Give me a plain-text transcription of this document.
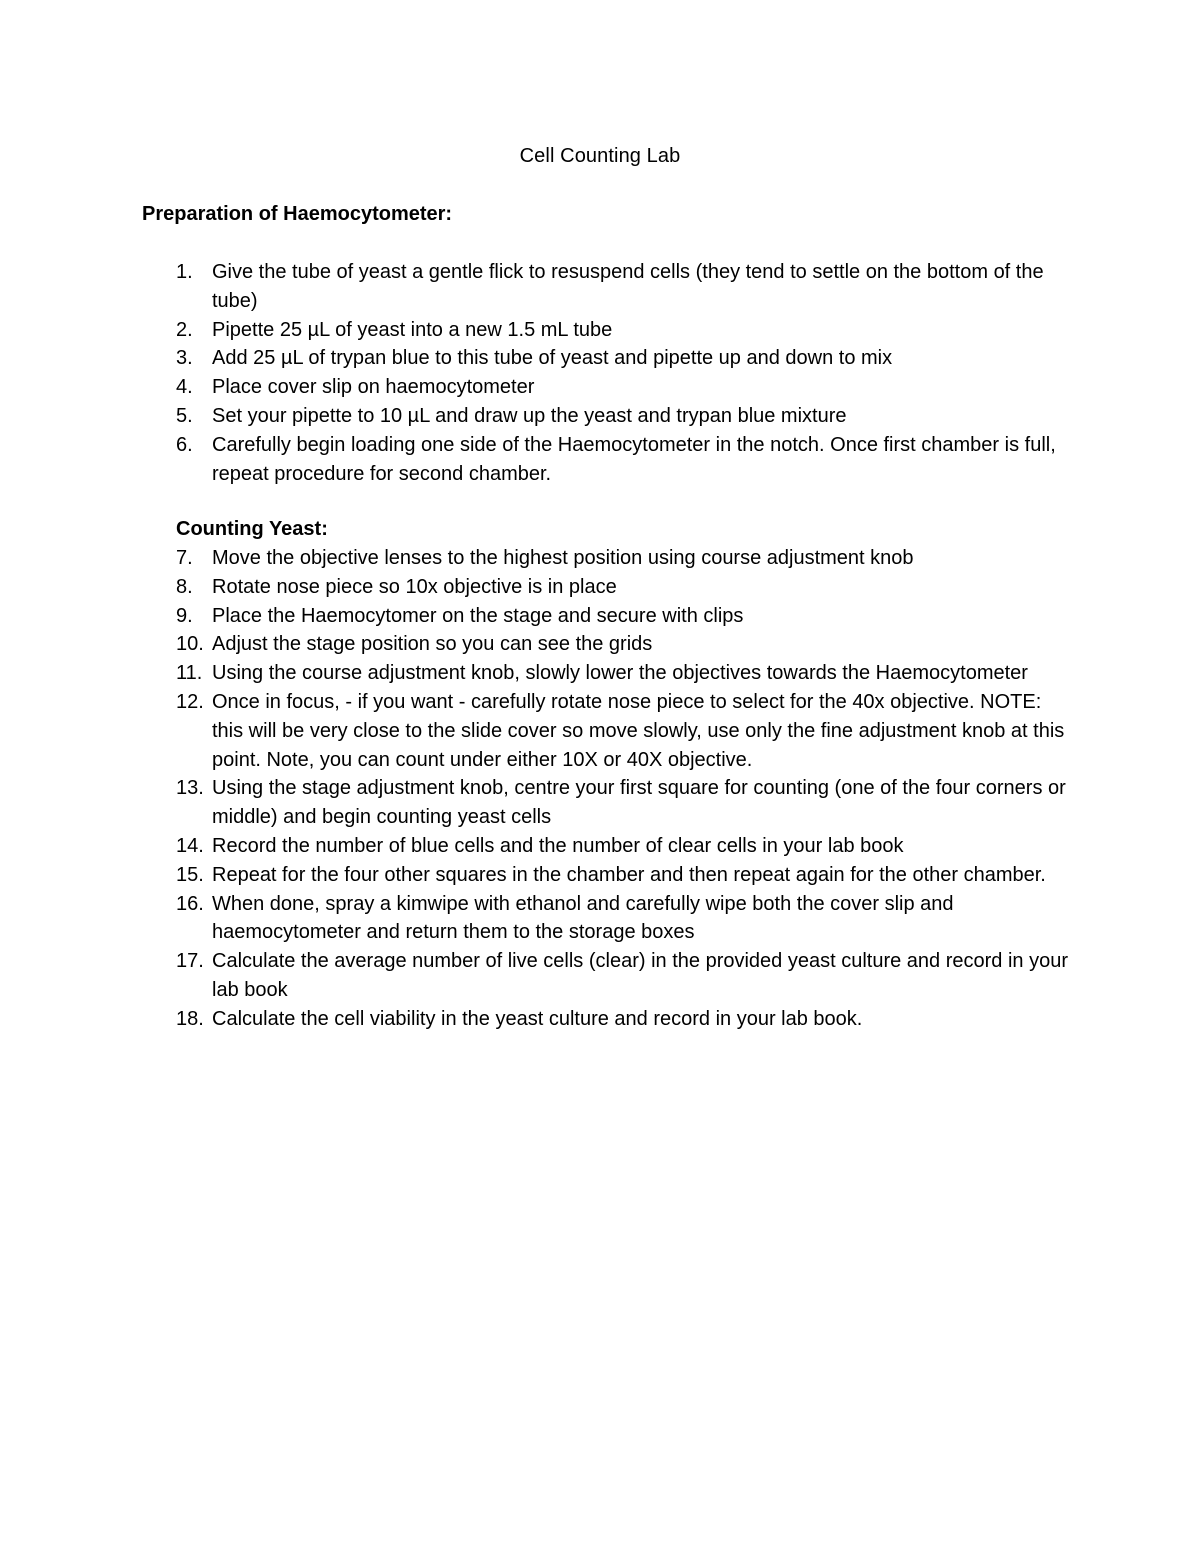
Cell Counting Lab
Preparation of Haemocytometer:
1. Give the tube of yeast a gentle flick to resuspend cells (they tend to settle on the bottom of the tube)
2. Pipette 25 µL of yeast into a new 1.5 mL tube
3. Add 25 µL of trypan blue to this tube of yeast and pipette up and down to mix
4. Place cover slip on haemocytometer
5. Set your pipette to 10 µL and draw up the yeast and trypan blue mixture
6. Carefully begin loading one side of the Haemocytometer in the notch. Once first chamber is full, repeat procedure for second chamber.
Counting Yeast:
7. Move the objective lenses to the highest position using course adjustment knob
8. Rotate nose piece so 10x objective is in place
9. Place the Haemocytomer on the stage and secure with clips
10. Adjust the stage position so you can see the grids
11. Using the course adjustment knob, slowly lower the objectives towards the Haemocytometer
12. Once in focus, - if you want - carefully rotate nose piece to select for the 40x objective. NOTE: this will be very close to the slide cover so move slowly, use only the fine adjustment knob at this point. Note, you can count under either 10X or 40X objective.
13. Using the stage adjustment knob, centre your first square for counting (one of the four corners or middle) and begin counting yeast cells
14. Record the number of blue cells and the number of clear cells in your lab book
15. Repeat for the four other squares in the chamber and then repeat again for the other chamber.
16. When done, spray a kimwipe with ethanol and carefully wipe both the cover slip and haemocytometer and return them to the storage boxes
17. Calculate the average number of live cells (clear) in the provided yeast culture and record in your lab book
18. Calculate the cell viability in the yeast culture and record in your lab book.
